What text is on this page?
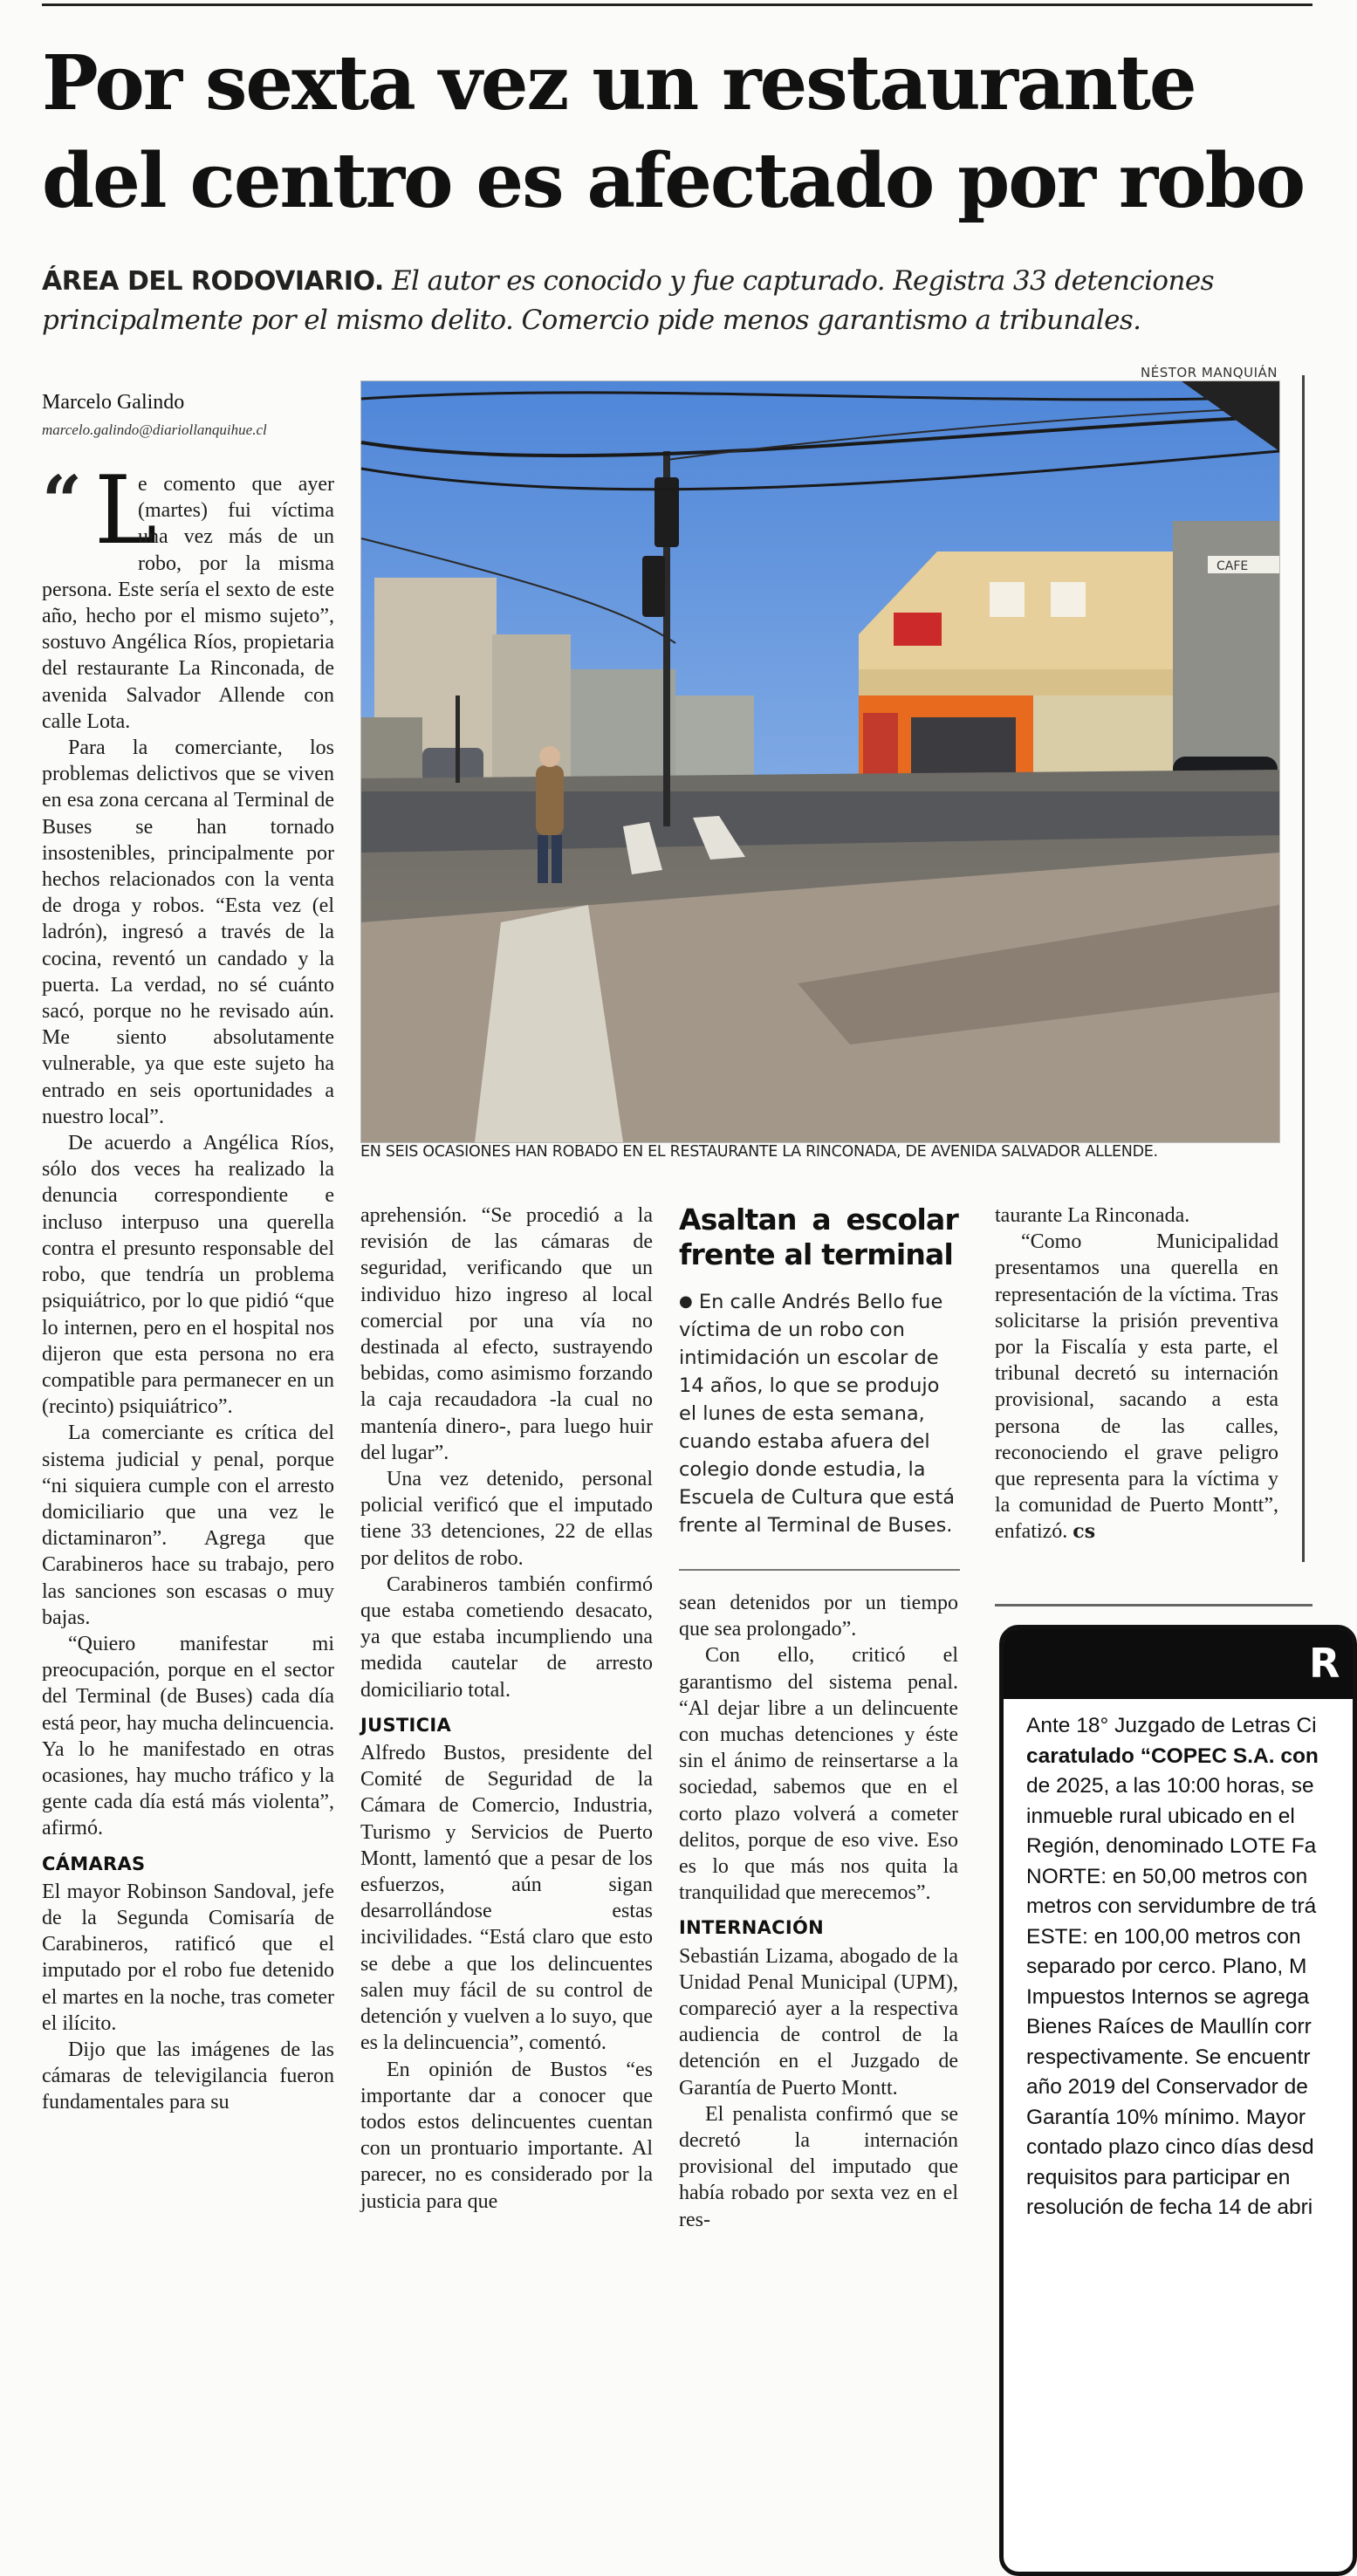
Por sexta vez un restaurante
del centro es afectado por robo

ÁREA DEL RODOVIARIO. El autor es conocido y fue capturado. Registra 33 detenciones principalmente por el mismo delito. Comercio pide menos garantismo a tribunales.

NÉSTOR MANQUIÁN
Marcelo Galindo
marcelo.galindo@diariollanquihue.cl
CAFE

EN SEIS OCASIONES HAN ROBADO EN EL RESTAURANTE LA RINCONADA, DE AVENIDA SALVADOR ALLENDE.

“ L

e comento que ayer (martes) fui víctima una vez más de un robo, por la misma persona. Este sería el sexto de este año, hecho por el mismo sujeto”, sostuvo Angélica Ríos, propietaria del restaurante La Rinconada, de avenida Salvador Allende con calle Lota.

Para la comerciante, los problemas delictivos que se viven en esa zona cercana al Terminal de Buses se han tornado insostenibles, principalmente por hechos relacionados con la venta de droga y robos. “Esta vez (el ladrón), ingresó a través de la cocina, reventó un candado y la puerta. La verdad, no sé cuánto sacó, porque no he revisado aún. Me siento absolutamente vulnerable, ya que este sujeto ha entrado en seis oportunidades a nuestro local”.

De acuerdo a Angélica Ríos, sólo dos veces ha realizado la denuncia correspondiente e incluso interpuso una querella contra el presunto responsable del robo, que tendría un problema psiquiátrico, por lo que pidió “que lo internen, pero en el hospital nos dijeron que esta persona no era compatible para permanecer en un (recinto) psiquiátrico”.

La comerciante es crítica del sistema judicial y penal, porque “ni siquiera cumple con el arresto domiciliario que una vez le dictaminaron”. Agrega que Carabineros hace su trabajo, pero las sanciones son escasas o muy bajas.

“Quiero manifestar mi preocupación, porque en el sector del Terminal (de Buses) cada día está peor, hay mucha delincuencia. Ya lo he manifestado en otras ocasiones, hay mucho tráfico y la gente cada día está más violenta”, afirmó.

CÁMARAS

El mayor Robinson Sandoval, jefe de la Segunda Comisaría de Carabineros, ratificó que el imputado por el robo fue detenido el martes en la noche, tras cometer el ilícito.

Dijo que las imágenes de las cámaras de televigilancia fueron fundamentales para su

aprehensión. “Se procedió a la revisión de las cámaras de seguridad, verificando que un individuo hizo ingreso al local comercial por una vía no destinada al efecto, sustrayendo bebidas, como asimismo forzando la caja recaudadora -la cual no mantenía dinero-, para luego huir del lugar”.

Una vez detenido, personal policial verificó que el imputado tiene 33 detenciones, 22 de ellas por delitos de robo.

Carabineros también confirmó que estaba cometiendo desacato, ya que estaba incumpliendo una medida cautelar de arresto domiciliario total.

JUSTICIA

Alfredo Bustos, presidente del Comité de Seguridad de la Cámara de Comercio, Industria, Turismo y Servicios de Puerto Montt, lamentó que a pesar de los esfuerzos, aún sigan desarrollándose estas incivilidades. “Está claro que esto se debe a que los delincuentes salen muy fácil de su control de detención y vuelven a lo suyo, que es la delincuencia”, comentó.

En opinión de Bustos “es importante dar a conocer que todos estos delincuentes cuentan con un prontuario importante. Al parecer, no es considerado por la justicia para que

Asaltan a escolar frente al terminal
● En calle Andrés Bello fue víctima de un robo con intimidación un escolar de 14 años, lo que se produjo el lunes de esta semana, cuando estaba afuera del colegio donde estudia, la Escuela de Cultura que está frente al Terminal de Buses.

sean detenidos por un tiempo que sea prolongado”.

Con ello, criticó el garantismo del sistema penal. “Al dejar libre a un delincuente con muchas detenciones y éste sin el ánimo de reinsertarse a la sociedad, sabemos que en el corto plazo volverá a cometer delitos, porque de eso vive. Eso es lo que más nos quita la tranquilidad que merecemos”.

INTERNACIÓN

Sebastián Lizama, abogado de la Unidad Penal Municipal (UPM), compareció ayer a la respectiva audiencia de control de la detención en el Juzgado de Garantía de Puerto Montt.

El penalista confirmó que se decretó la internación provisional del imputado que había robado por sexta vez en el res-

taurante La Rinconada.

“Como Municipalidad presentamos una querella en representación de la víctima. Tras solicitarse la prisión preventiva por la Fiscalía y esta parte, el tribunal decretó su internación provisional, sacando a esta persona de las calles, reconociendo el grave peligro que representa para la víctima y la comunidad de Puerto Montt”, enfatizó. cs

R
Ante 18° Juzgado de Letras Ci
caratulado “COPEC S.A. con
de 2025, a las 10:00 horas, se
inmueble rural ubicado en el
Región, denominado LOTE Fa
NORTE: en 50,00 metros con
metros con servidumbre de trá
ESTE: en 100,00 metros con
separado por cerco. Plano, M
Impuestos Internos se agrega
Bienes Raíces de Maullín corr
respectivamente. Se encuentr
año 2019 del Conservador de
Garantía 10% mínimo. Mayor
contado plazo cinco días desd
requisitos para participar en
resolución de fecha 14 de abri
